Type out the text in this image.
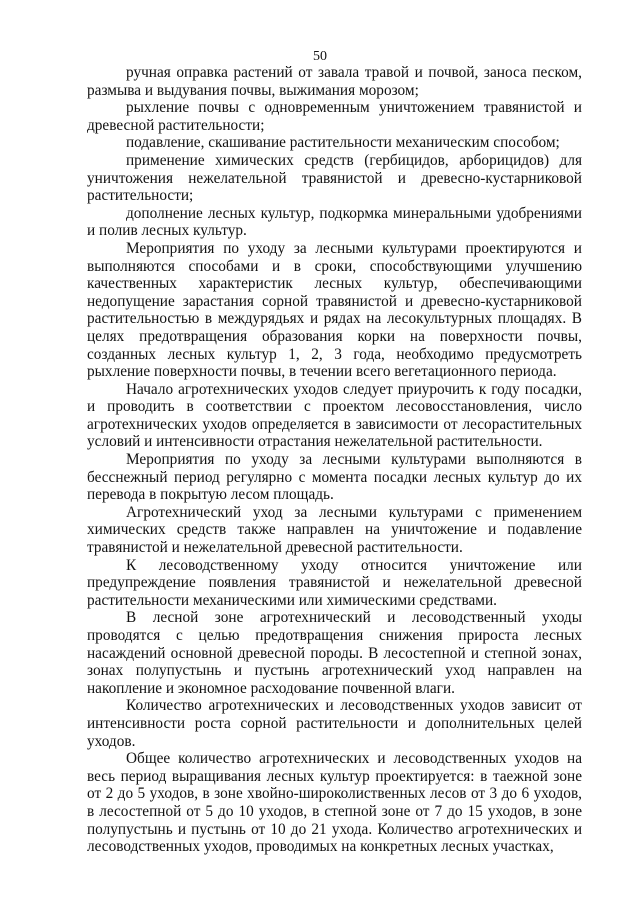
50

ручная оправка растений от завала травой и почвой, заноса песком, размыва и выдувания почвы, выжимания морозом;

рыхление почвы с одновременным уничтожением травянистой и древесной растительности;

подавление, скашивание растительности механическим способом;

применение химических средств (гербицидов, арборицидов) для уничтожения нежелательной травянистой и древесно-кустарниковой растительности;

дополнение лесных культур, подкормка минеральными удобрениями и полив лесных культур.

Мероприятия по уходу за лесными культурами проектируются и выполняются способами и в сроки, способствующими улучшению качественных характеристик лесных культур, обеспечивающими недопущение зарастания сорной травянистой и древесно-кустарниковой растительностью в междурядьях и рядах на лесокультурных площадях. В целях предотвращения образования корки на поверхности почвы, созданных лесных культур 1, 2, 3 года, необходимо предусмотреть рыхление поверхности почвы, в течении всего вегетационного периода.

Начало агротехнических уходов следует приурочить к году посадки, и проводить в соответствии с проектом лесовосстановления, число агротехнических уходов определяется в зависимости от лесорастительных условий и интенсивности отрастания нежелательной растительности.

Мероприятия по уходу за лесными культурами выполняются в бесснежный период регулярно с момента посадки лесных культур до их перевода в покрытую лесом площадь.

Агротехнический уход за лесными культурами с применением химических средств также направлен на уничтожение и подавление травянистой и нежелательной древесной растительности.

К лесоводственному уходу относится уничтожение или предупреждение появления травянистой и нежелательной древесной растительности механическими или химическими средствами.

В лесной зоне агротехнический и лесоводственный уходы проводятся с целью предотвращения снижения прироста лесных насаждений основной древесной породы. В лесостепной и степной зонах, зонах полупустынь и пустынь агротехнический уход направлен на накопление и экономное расходование почвенной влаги.

Количество агротехнических и лесоводственных уходов зависит от интенсивности роста сорной растительности и дополнительных целей уходов.

Общее количество агротехнических и лесоводственных уходов на весь период выращивания лесных культур проектируется: в таежной зоне от 2 до 5 уходов, в зоне хвойно-широколиственных лесов от 3 до 6 уходов, в лесостепной от 5 до 10 уходов, в степной зоне от 7 до 15 уходов, в зоне полупустынь и пустынь от 10 до 21 ухода. Количество агротехнических и лесоводственных уходов, проводимых на конкретных лесных участках,
